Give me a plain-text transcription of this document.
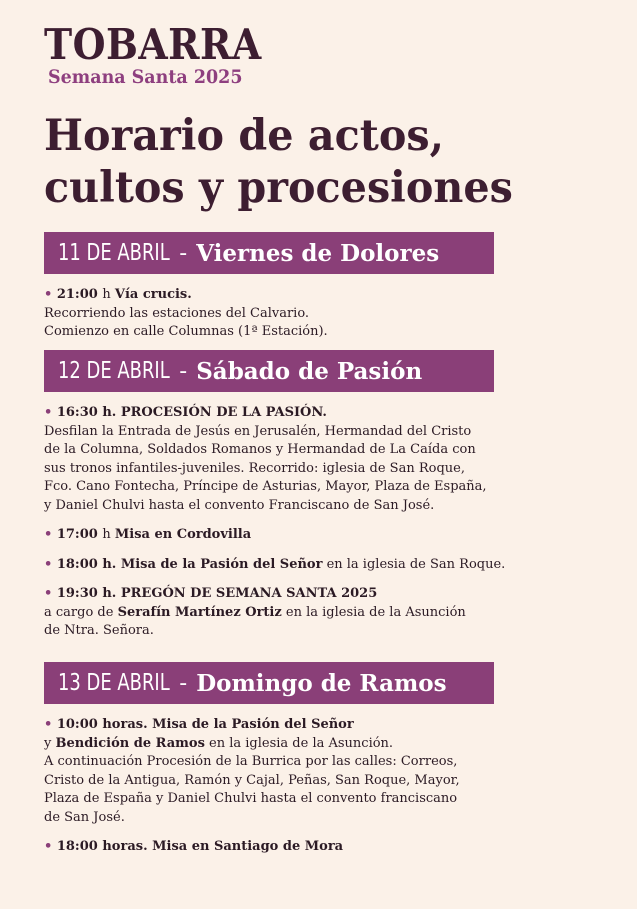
TOBARRA
Semana Santa 2025
Horario de actos,
cultos y procesiones
11 DE ABRIL - Viernes de Dolores
• 21:00 h Vía crucis.
Recorriendo las estaciones del Calvario.
Comienzo en calle Columnas (1ª Estación).
12 DE ABRIL - Sábado de Pasión
• 16:30 h. PROCESIÓN DE LA PASIÓN.
Desfilan la Entrada de Jesús en Jerusalén, Hermandad del Cristo
de la Columna, Soldados Romanos y Hermandad de La Caída con
sus tronos infantiles-juveniles. Recorrido: iglesia de San Roque,
Fco. Cano Fontecha, Príncipe de Asturias, Mayor, Plaza de España,
y Daniel Chulvi hasta el convento Franciscano de San José.
• 17:00 h Misa en Cordovilla
• 18:00 h. Misa de la Pasión del Señor en la iglesia de San Roque.
• 19:30 h. PREGÓN DE SEMANA SANTA 2025
a cargo de Serafín Martínez Ortiz en la iglesia de la Asunción
de Ntra. Señora.
13 DE ABRIL - Domingo de Ramos
• 10:00 horas. Misa de la Pasión del Señor
y Bendición de Ramos en la iglesia de la Asunción.
A continuación Procesión de la Burrica por las calles: Correos,
Cristo de la Antigua, Ramón y Cajal, Peñas, San Roque, Mayor,
Plaza de España y Daniel Chulvi hasta el convento franciscano
de San José.
• 18:00 horas. Misa en Santiago de Mora
